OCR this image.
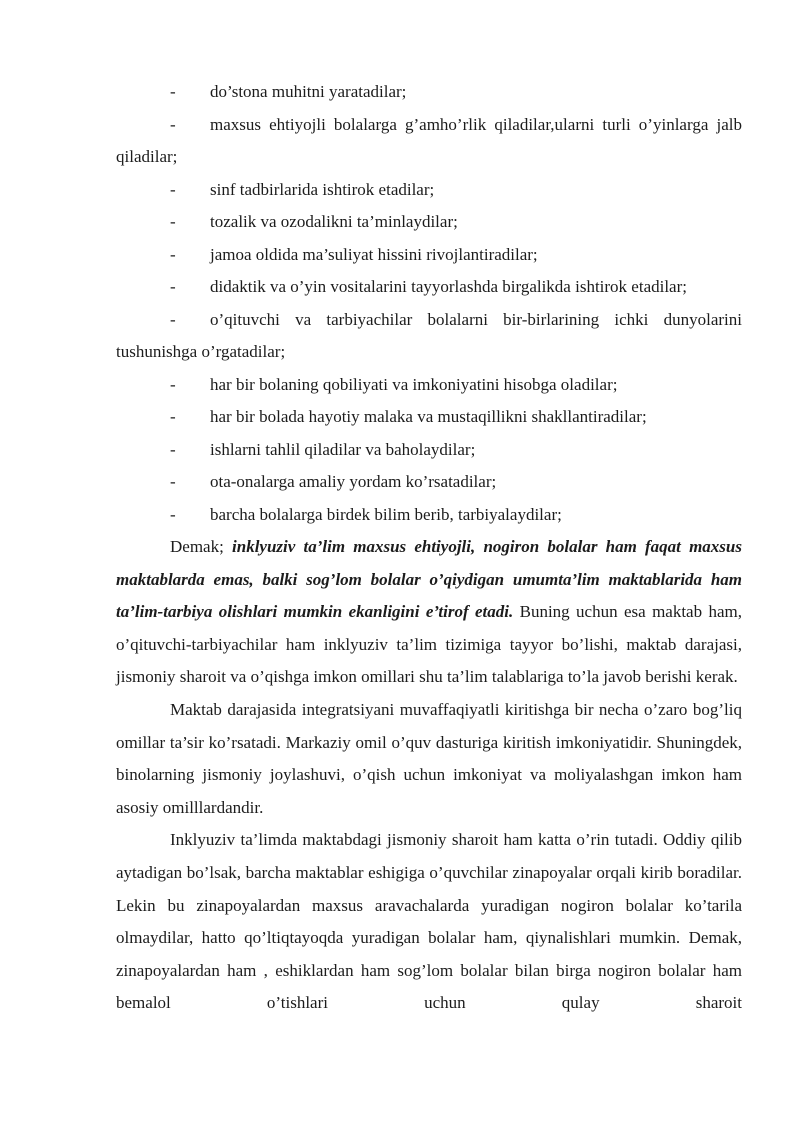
-	do’stona muhitni yaratadilar;
-	maxsus ehtiyojli bolalarga g’amho’rlik qiladilar,ularni turli o’yinlarga jalb qiladilar;
-	sinf tadbirlarida ishtirok etadilar;
-	tozalik va ozodalikni ta’minlaydilar;
-	jamoa oldida ma’suliyat hissini rivojlantiradilar;
-	didaktik va o’yin vositalarini tayyorlashda birgalikda ishtirok etadilar;
-	o’qituvchi va tarbiyachilar bolalarni bir-birlarining ichki dunyolarini tushunishga o’rgatadilar;
-	har bir bolaning qobiliyati va imkoniyatini hisobga oladilar;
-	har bir bolada hayotiy malaka va mustaqillikni shakllantiradilar;
-	ishlarni tahlil qiladilar va baholaydilar;
-	ota-onalarga amaliy yordam ko’rsatadilar;
-	barcha bolalarga birdek bilim berib, tarbiyalaydilar;

Demak; inklyuziv ta’lim maxsus ehtiyojli, nogiron bolalar ham faqat maxsus maktablarda emas, balki sog’lom bolalar o’qiydigan umumta’lim maktablarida ham ta’lim-tarbiya olishlari mumkin ekanligini e’tirof etadi. Buning uchun esa maktab ham, o’qituvchi-tarbiyachilar ham inklyuziv ta’lim tizimiga tayyor bo’lishi, maktab darajasi, jismoniy sharoit va o’qishga imkon omillari shu ta’lim talablariga to’la javob berishi kerak.

Maktab darajasida integratsiyani muvaffaqiyatli kiritishga bir necha o’zaro bog’liq omillar ta’sir ko’rsatadi. Markaziy omil o’quv dasturiga kiritish imkoniyatidir. Shuningdek, binolarning jismoniy joylashuvi, o’qish uchun imkoniyat va moliyalashgan imkon ham asosiy omilllardandir.

Inklyuziv ta’limda maktabdagi jismoniy sharoit ham katta o’rin tutadi. Oddiy qilib aytadigan bo’lsak, barcha maktablar eshigiga o’quvchilar zinapoyalar orqali kirib boradilar. Lekin bu zinapoyalardan maxsus aravachalarda yuradigan nogiron bolalar ko’tarila olmaydilar, hatto qo’ltiqtayoqda yuradigan bolalar ham, qiynalishlari mumkin. Demak, zinapoyalardan ham , eshiklardan ham sog’lom bolalar bilan birga nogiron bolalar ham bemalol o’tishlari uchun qulay sharoit
